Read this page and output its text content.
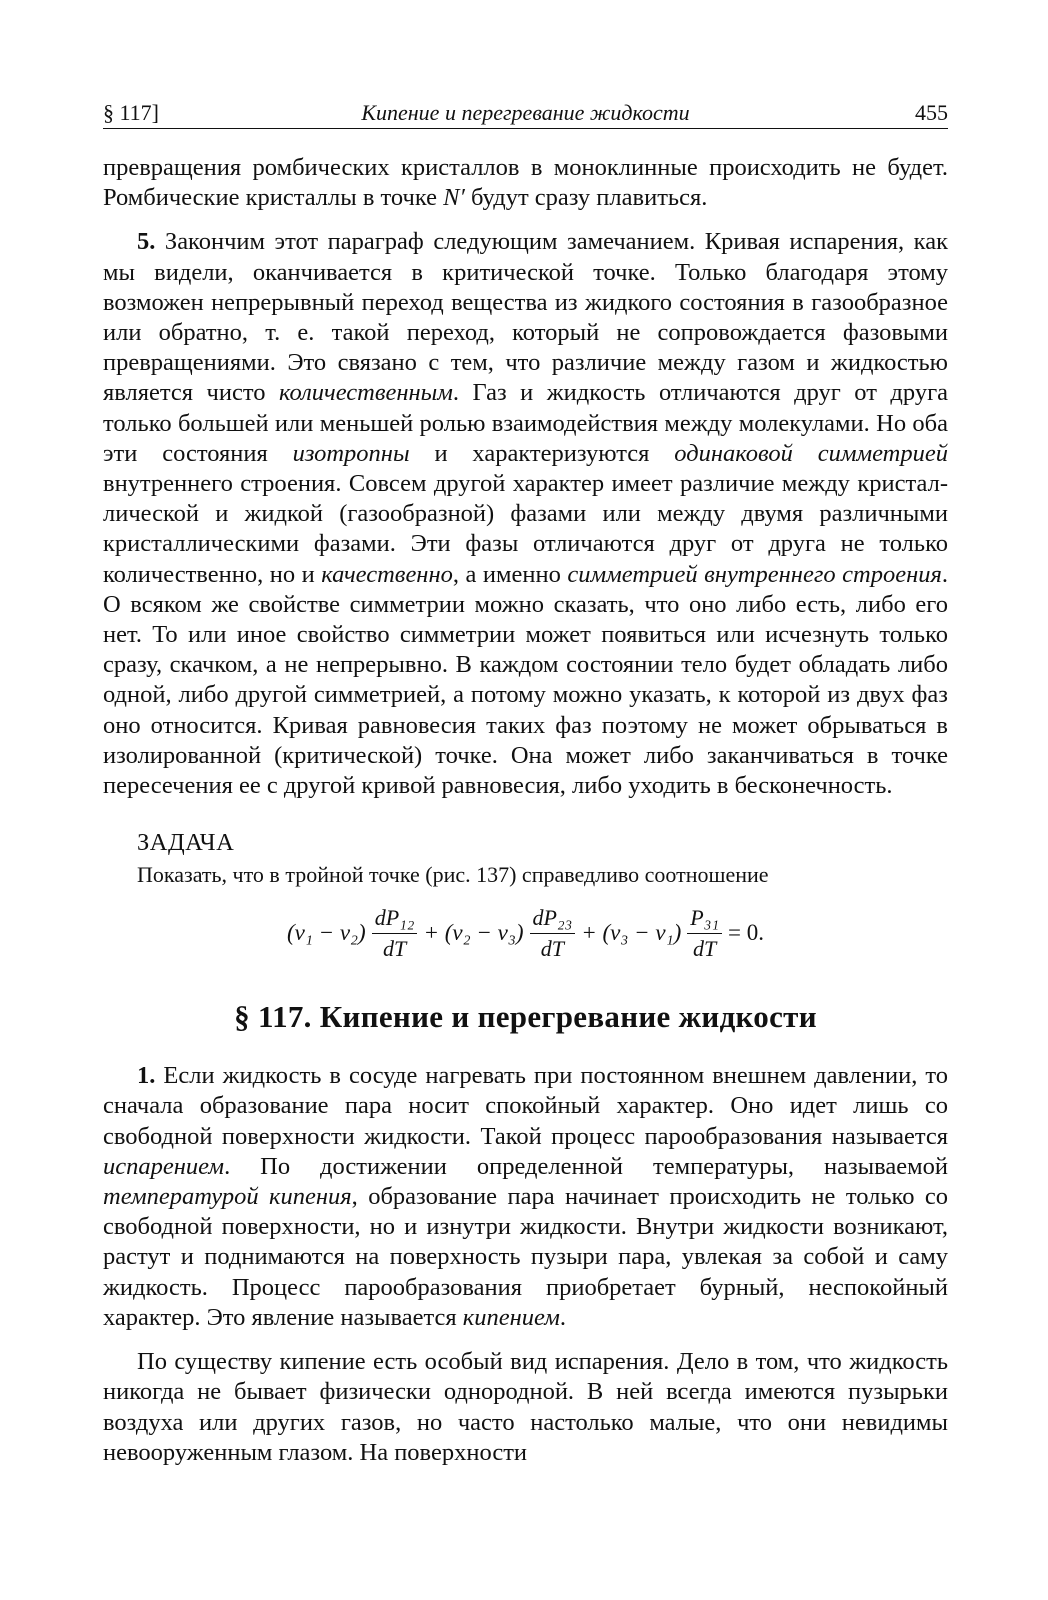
§ 117]	Кипение и перегревание жидкости	455

превращения ромбических кристаллов в моноклинные происходить не будет. Ромбические кристаллы в точке N′ будут сразу плавиться.

5. Закончим этот параграф следующим замечанием. Кривая испарения, как мы видели, оканчивается в критической точке. Только благодаря этому возможен непрерывный переход вещества из жидкого состояния в газообразное или обратно, т. е. такой переход, который не сопровождается фазовыми превращениями. Это связано с тем, что различие между газом и жидкостью является чисто количественным. Газ и жидкость отличаются друг от друга только большей или меньшей ролью взаимодействия между молекулами. Но оба эти состояния изотропны и характеризуются одинаковой симметрией внутреннего строения. Совсем другой характер имеет различие между кристаллической и жидкой (газообразной) фазами или между двумя различными кристаллическими фазами. Эти фазы отличаются друг от друга не только количественно, но и качественно, а именно симметрией внутреннего строения. О всяком же свойстве симметрии можно сказать, что оно либо есть, либо его нет. То или иное свойство симметрии может появиться или исчезнуть только сразу, скачком, а не непрерывно. В каждом состоянии тело будет обладать либо одной, либо другой симметрией, а потому можно указать, к которой из двух фаз оно относится. Кривая равновесия таких фаз поэтому не может обрываться в изолированной (критической) точке. Она может либо заканчиваться в точке пересечения ее с другой кривой равновесия, либо уходить в бесконечность.

ЗАДАЧА
Показать, что в тройной точке (рис. 137) справедливо соотношение
$(v_1 - v_2) \frac{\text{dP₁₂}}{dT} + (v_2 - v_3) \frac{\text{dP₂₃}}{dT} + (v_3 - v_1) \frac{\text{P₃₁}}{dT} = 0$.
§ 117. Кипение и перегревание жидкости

1. Если жидкость в сосуде нагревать при постоянном внешнем давлении, то сначала образование пара носит спокойный характер. Оно идет лишь со свободной поверхности жидкости. Такой процесс парообразования называется испарением. По достижении определенной температуры, называемой температурой кипения, образование пара начинает происходить не только со свободной поверхности, но и изнутри жидкости. Внутри жидкости возникают, растут и поднимаются на поверхность пузыри пара, увлекая за собой и саму жидкость. Процесс парообразования приобретает бурный, неспокойный характер. Это явление называется кипением.

По существу кипение есть особый вид испарения. Дело в том, что жидкость никогда не бывает физически однородной. В ней всегда имеются пузырьки воздуха или других газов, но часто настолько малые, что они невидимы невооруженным глазом. На поверхности
